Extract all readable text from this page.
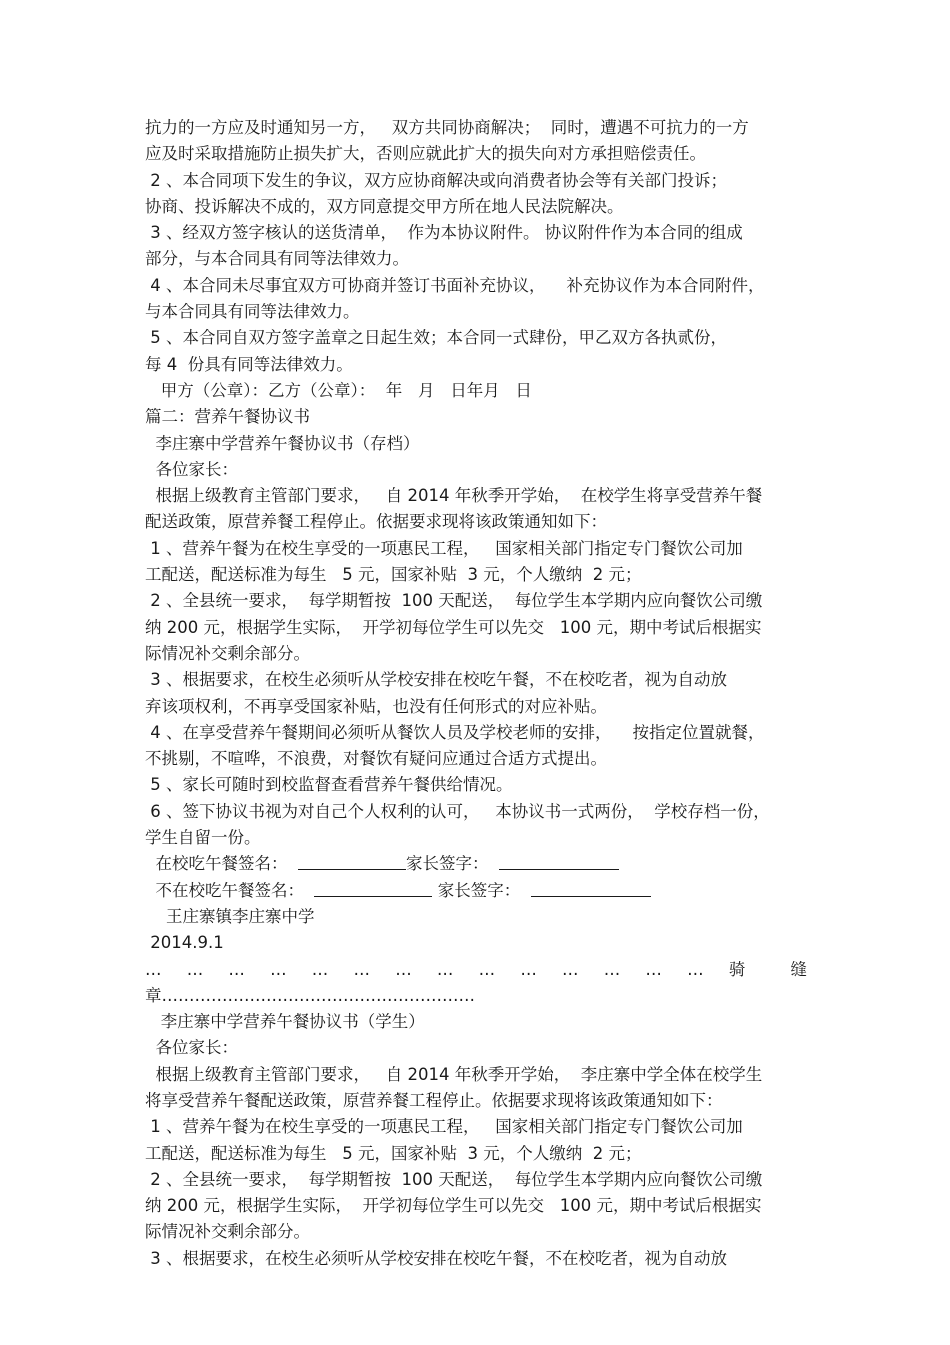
抗力的一方应及时通知另一方，   双方共同协商解决；  同时，遭遇不可抗力的一方
应及时采取措施防止损失扩大，否则应就此扩大的损失向对方承担赔偿责任。
2 、本合同项下发生的争议，双方应协商解决或向消费者协会等有关部门投诉；
协商、投诉解决不成的，双方同意提交甲方所在地人民法院解决。
3 、经双方签字核认的送货清单，  作为本协议附件。 协议附件作为本合同的组成
部分，与本合同具有同等法律效力。
4 、本合同未尽事宜双方可协商并签订书面补充协议，    补充协议作为本合同附件，
与本合同具有同等法律效力。
5 、本合同自双方签字盖章之日起生效；本合同一式肆份，甲乙双方各执贰份，
每 4  份具有同等法律效力。
甲方（公章）：乙方（公章）：  年   月   日年月   日
篇二：营养午餐协议书
李庄寨中学营养午餐协议书（存档）
各位家长：
根据上级教育主管部门要求，   自 2014 年秋季开学始，  在校学生将享受营养午餐
配送政策，原营养餐工程停止。依据要求现将该政策通知如下：
1 、营养午餐为在校生享受的一项惠民工程，   国家相关部门指定专门餐饮公司加
工配送，配送标准为每生   5 元，国家补贴  3 元，个人缴纳  2 元；
2 、全县统一要求，  每学期暂按  100 天配送，  每位学生本学期内应向餐饮公司缴
纳 200 元，根据学生实际，  开学初每位学生可以先交   100 元，期中考试后根据实
际情况补交剩余部分。
3 、根据要求，在校生必须听从学校安排在校吃午餐，不在校吃者，视为自动放
弃该项权利，不再享受国家补贴，也没有任何形式的对应补贴。
4 、在享受营养午餐期间必须听从餐饮人员及学校老师的安排，    按指定位置就餐，
不挑剔，不喧哗，不浪费，对餐饮有疑问应通过合适方式提出。
5 、家长可随时到校监督查看营养午餐供给情况。
6 、签下协议书视为对自己个人权利的认可，   本协议书一式两份，  学校存档一份，
学生自留一份。
在校吃午餐签名：	家长签字：
不在校吃午餐签名：	家长签字：
王庄寨镇李庄寨中学
2014.9.1
… … … … … … … … … … … … … … 骑 缝
章…………………………………………………
李庄寨中学营养午餐协议书（学生）
各位家长：
根据上级教育主管部门要求，   自 2014 年秋季开学始，  李庄寨中学全体在校学生
将享受营养午餐配送政策，原营养餐工程停止。依据要求现将该政策通知如下：
1 、营养午餐为在校生享受的一项惠民工程，   国家相关部门指定专门餐饮公司加
工配送，配送标准为每生   5 元，国家补贴  3 元，个人缴纳  2 元；
2 、全县统一要求，  每学期暂按  100 天配送，  每位学生本学期内应向餐饮公司缴
纳 200 元，根据学生实际，  开学初每位学生可以先交   100 元，期中考试后根据实
际情况补交剩余部分。
3 、根据要求，在校生必须听从学校安排在校吃午餐，不在校吃者，视为自动放
